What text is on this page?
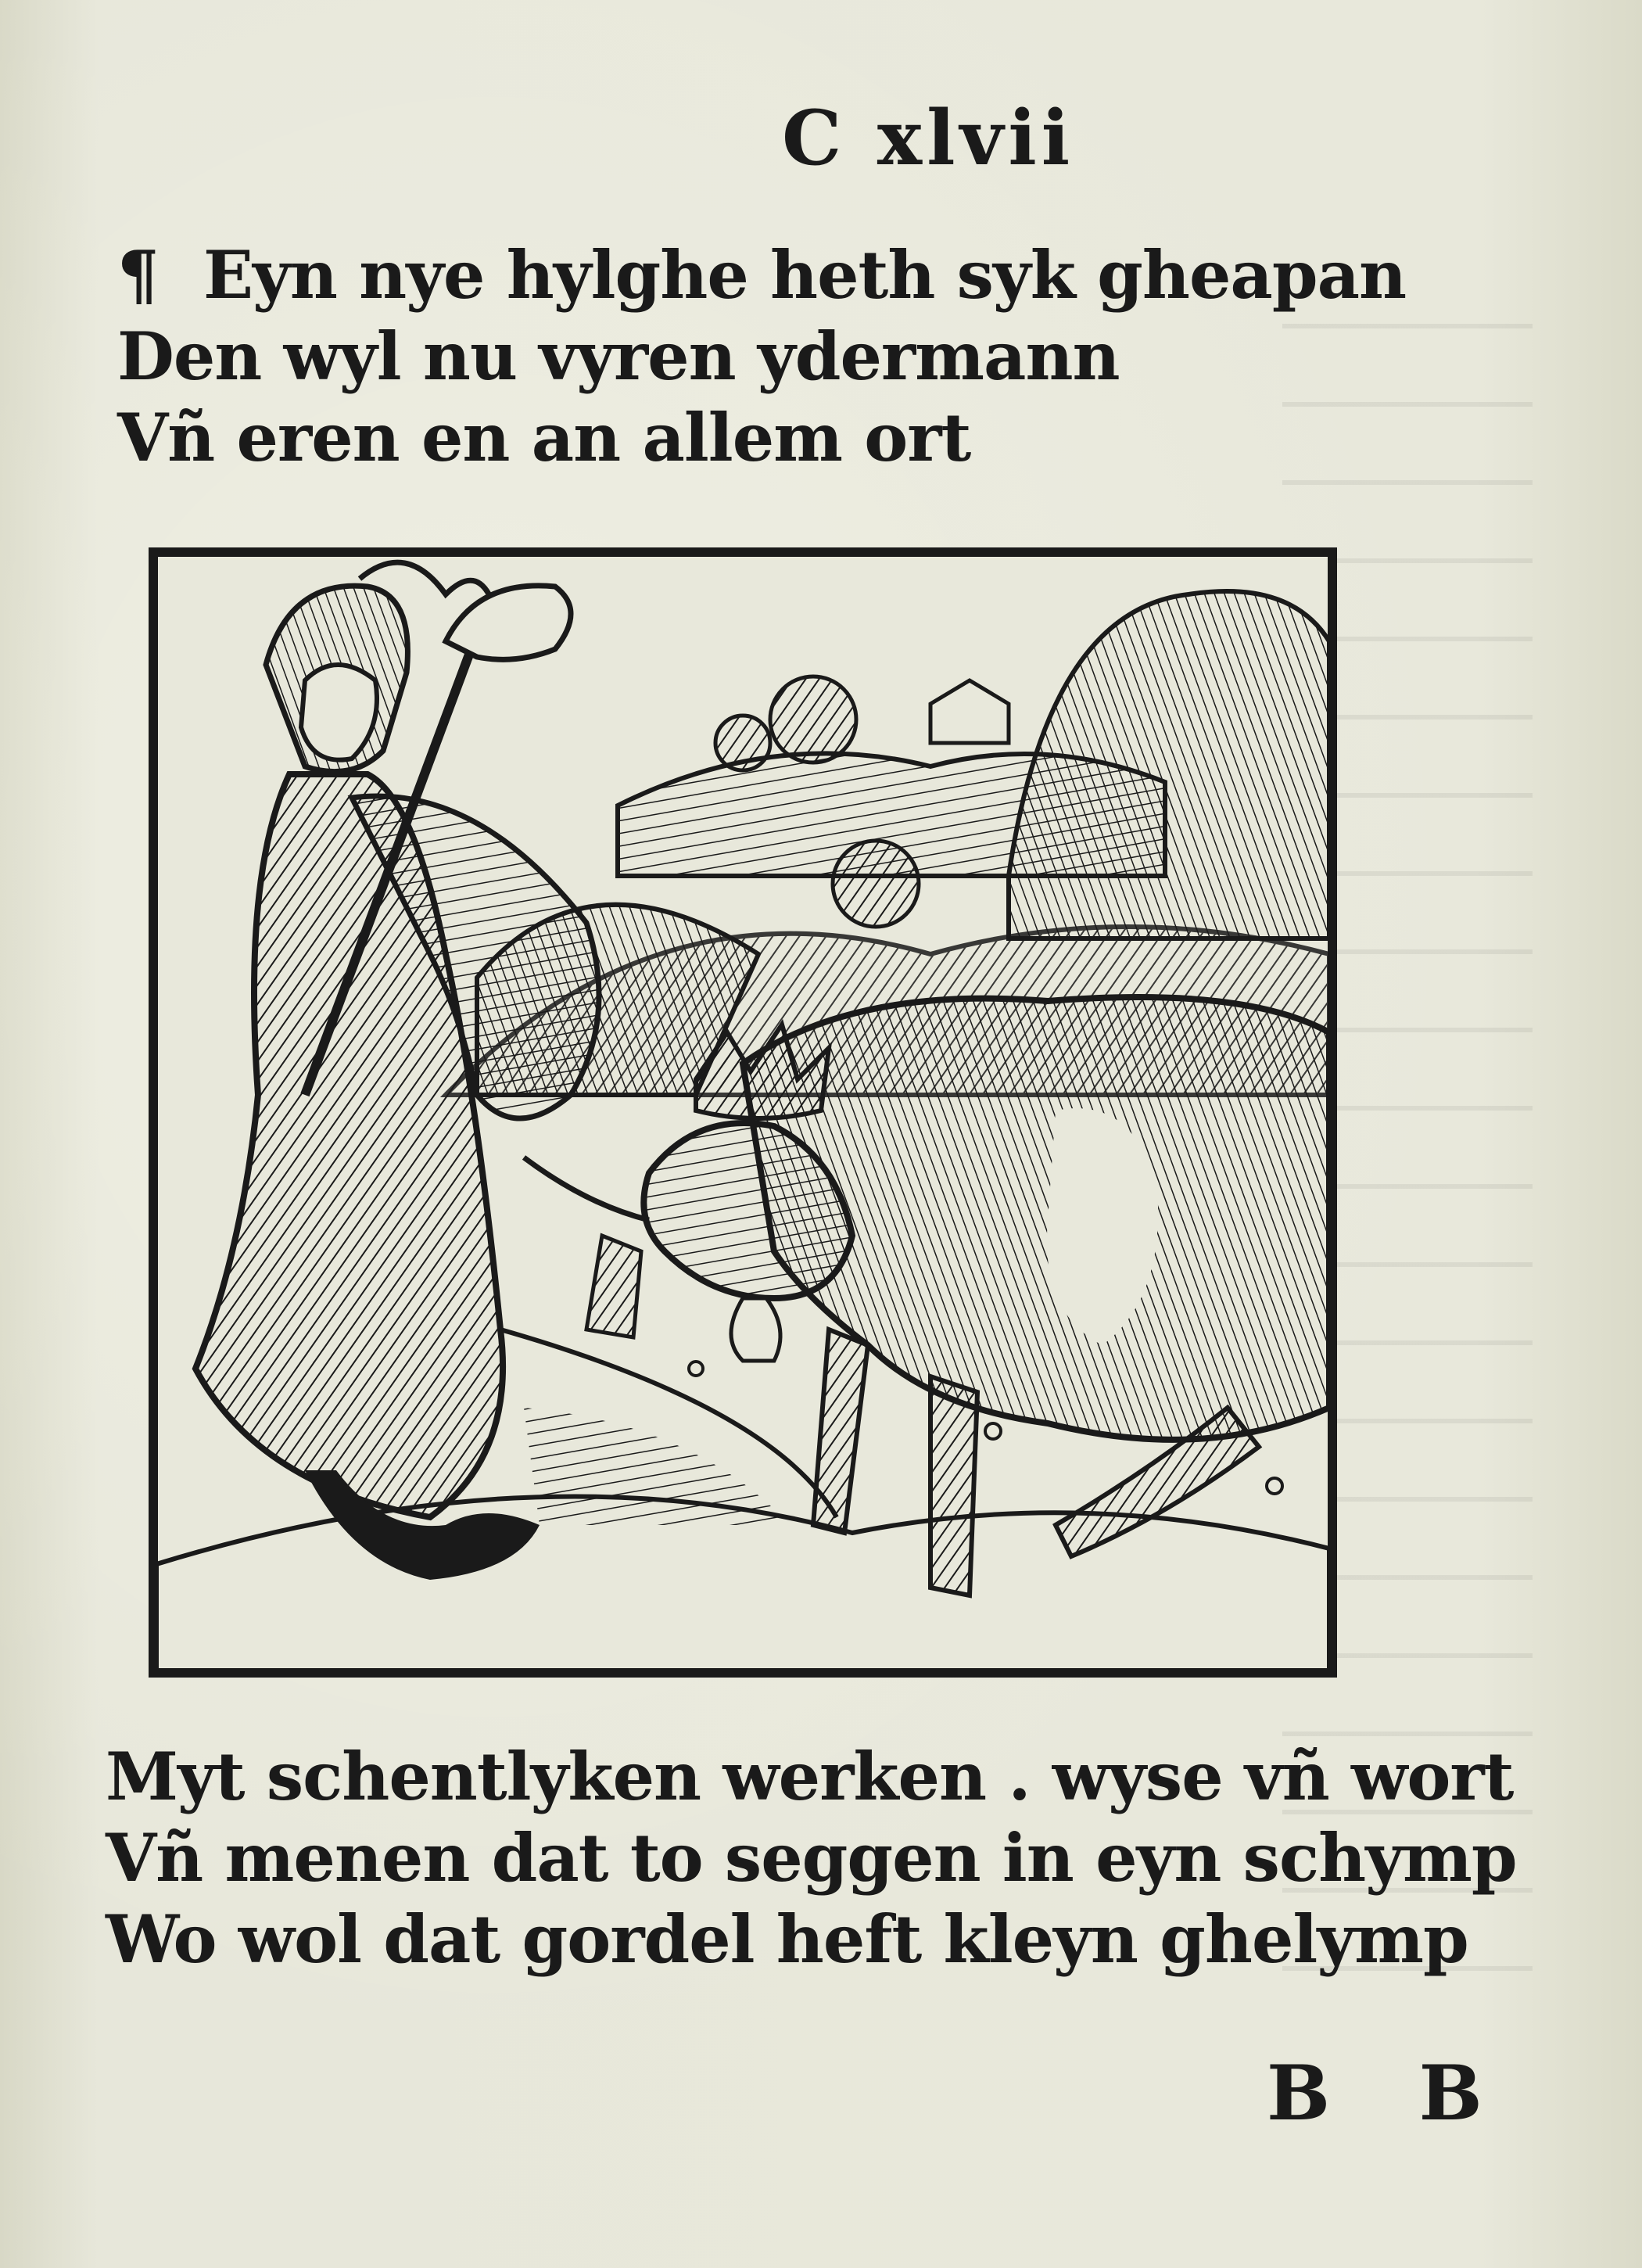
C xlvii
¶ Eyn nye hylghe heth syk gheapan
Den wyl nu vyren ydermann
Vñ eren en an allem ort
Myt schentlyken werken . wyse vñ wort
Vñ menen dat to seggen in eyn schymp
Wo wol dat gordel heft kleyn ghelymp
B B
